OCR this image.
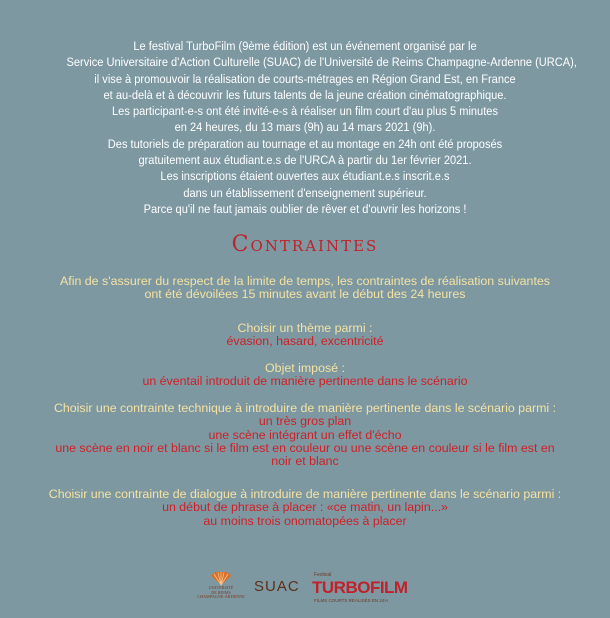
Le festival TurboFilm (9ème édition) est un événement organisé par le
Service Universitaire d'Action Culturelle (SUAC) de l'Université de Reims Champagne-Ardenne (URCA),
il vise à promouvoir la réalisation de courts-métrages en Région Grand Est, en France
et au-delà et à découvrir les futurs talents de la jeune création cinématographique.
Les participant-e-s ont été invité-e-s à réaliser un film court d'au plus 5 minutes
en 24 heures, du 13 mars (9h) au 14 mars 2021 (9h).
Des tutoriels de préparation au tournage et au montage en 24h ont été proposés
gratuitement aux étudiant.e.s de l'URCA à partir du 1er février 2021.
Les inscriptions étaient ouvertes aux étudiant.e.s inscrit.e.s
dans un établissement d'enseignement supérieur.
Parce qu'il ne faut jamais oublier de rêver et d'ouvrir les horizons !
Contraintes
Afin de s'assurer du respect de la limite de temps, les contraintes de réalisation suivantes
ont été dévoilées 15 minutes avant le début des 24 heures
Choisir un thème parmi :
évasion, hasard, excentricité
Objet imposé :
un éventail introduit de manière pertinente dans le scénario
Choisir une contrainte technique à introduire de manière pertinente dans le scénario parmi :
un très gros plan
une scène intégrant un effet d'écho
une scène en noir et blanc si le film est en couleur ou une scène en couleur si le film est en
noir et blanc
Choisir une contrainte de dialogue à introduire de manière pertinente dans le scénario parmi :
un début de phrase à placer : «ce matin, un lapin...»
au moins trois onomatopées à placer
UNIVERSITÉ
DE REIMS
CHAMPAGNE-ARDENNE
SUAC
Festival
TURBOFILM
FILMS COURTS RÉALISÉS EN 24H
